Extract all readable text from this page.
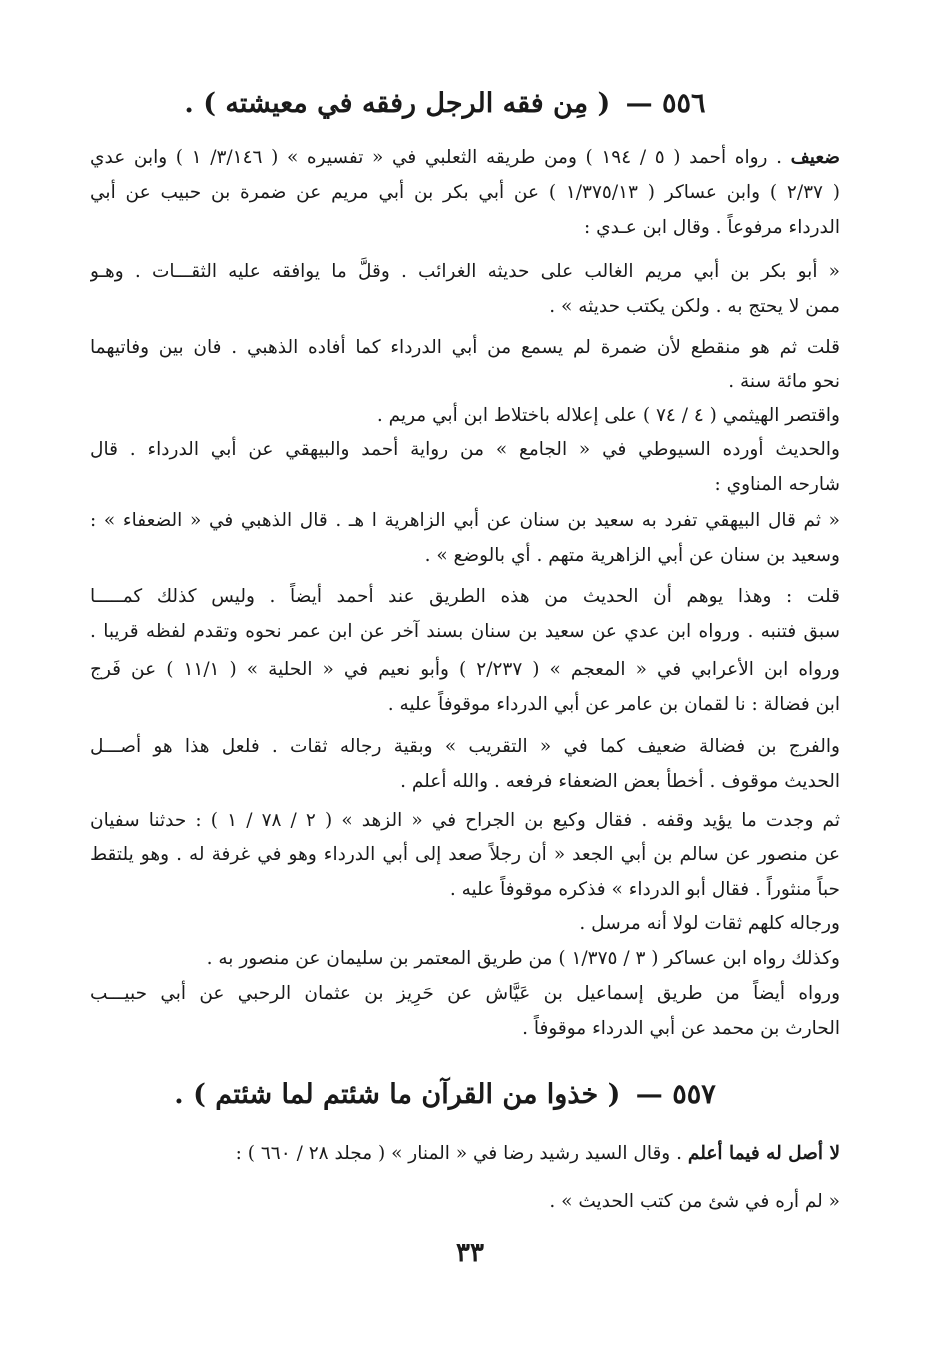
٥٥٦ — ( مِن فقه الرجل رفقه في معيشته ) .
ضعيف . رواه أحمد ( ٥ / ١٩٤ ) ومن طريقه الثعلبي في « تفسيره » ( ٣/١٤٦/ ١ ) وابن عدي
( ٢/٣٧ ) وابن عساكر ( ١/٣٧٥/١٣ ) عن أبي بكر بن أبي مريم عن ضمرة بن حبيب عن أبي
الدرداء مرفوعاً . وقال ابن عـدي :
« أبو بكر بن أبي مريم الغالب على حديثه الغرائب . وقلَّ ما يوافقه عليه الثقـــات . وهـو
ممن لا يحتج به . ولكن يكتب حديثه » .
قلت ثم هو منقطع لأن ضمرة لم يسمع من أبي الدرداء كما أفاده الذهبي . فان بين وفاتيهما
نحو مائة سنة .
واقتصر الهيثمي ( ٤ / ٧٤ ) على إعلاله باختلاط ابن أبي مريم .
والحديث أورده السيوطي في « الجامع » من رواية أحمد والبيهقي عن أبي الدرداء . قال
شارحه المناوي :
« ثم قال البيهقي تفرد به سعيد بن سنان عن أبي الزاهرية ا هـ . قال الذهبي في « الضعفاء » :
وسعيد بن سنان عن أبي الزاهرية متهم . أي بالوضع » .
قلت : وهذا يوهم أن الحديث من هذه الطريق عند أحمد أيضاً . وليس كذلك كمـــــا
سبق فتنبه . ورواه ابن عدي عن سعيد بن سنان بسند آخر عن ابن عمر نحوه وتقدم لفظه قريبا .
ورواه ابن الأعرابي في « المعجم » ( ٢/٢٣٧ ) وأبو نعيم في « الحلية » ( ١١/١ ) عن فَرج
ابن فضالة : نا لقمان بن عامر عن أبي الدرداء موقوفاً عليه .
والفرج بن فضالة ضعيف كما في « التقريب » وبقية رجاله ثقات . فلعل هذا هو أصـــل
الحديث موقوف . أخطأ بعض الضعفاء فرفعه . والله أعلم .
ثم وجدت ما يؤيد وقفه . فقال وكيع بن الجراح في « الزهد » ( ٢ / ٧٨ / ١ ) : حدثنا سفيان
عن منصور عن سالم بن أبي الجعد « أن رجلاً صعد إلى أبي الدرداء وهو في غرفة له . وهو يلتقط
حباً منثوراً . فقال أبو الدرداء » فذكره موقوفاً عليه .
ورجاله كلهم ثقات لولا أنه مرسل .
وكذلك رواه ابن عساكر ( ٣ / ١/٣٧٥ ) من طريق المعتمر بن سليمان عن منصور به .
ورواه أيضاً من طريق إسماعيل بن عَيَّاش عن حَرِيز بن عثمان الرحبي عن أبي حبيـــب
الحارث بن محمد عن أبي الدرداء موقوفاً .
٥٥٧ — ( خذوا من القرآن ما شئتم لما شئتم ) .
لا أصل له فيما أعلم . وقال السيد رشيد رضا في « المنار » ( مجلد ٢٨ / ٦٦٠ ) :
« لم أره في شئ من كتب الحديث » .
٣٣
